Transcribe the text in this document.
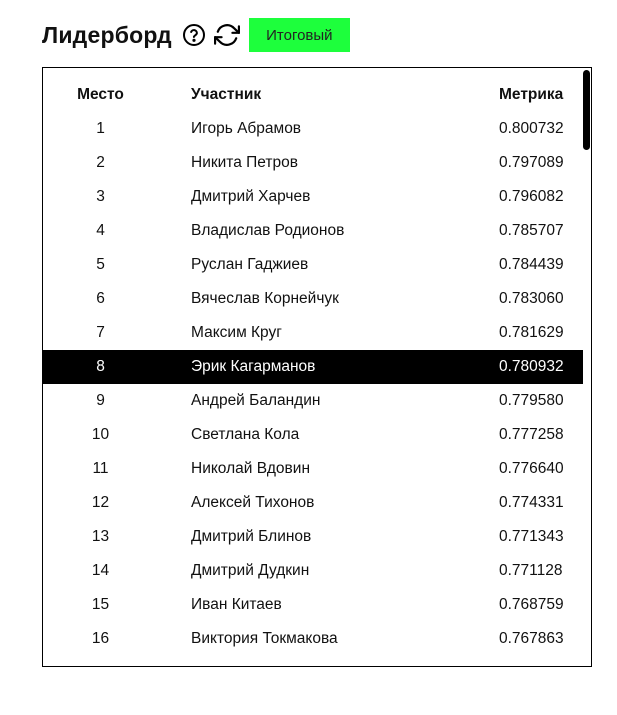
Лидерборд	Итоговый
Место	Участник	Метрика
1	Игорь Абрамов	0.800732
2	Никита Петров	0.797089
3	Дмитрий Харчев	0.796082
4	Владислав Родионов	0.785707
5	Руслан Гаджиев	0.784439
6	Вячеслав Корнейчук	0.783060
7	Максим Круг	0.781629
8	Эрик Кагарманов	0.780932
9	Андрей Баландин	0.779580
10	Светлана Кола	0.777258
11	Николай Вдовин	0.776640
12	Алексей Тихонов	0.774331
13	Дмитрий Блинов	0.771343
14	Дмитрий Дудкин	0.771128
15	Иван Китаев	0.768759
16	Виктория Токмакова	0.767863
